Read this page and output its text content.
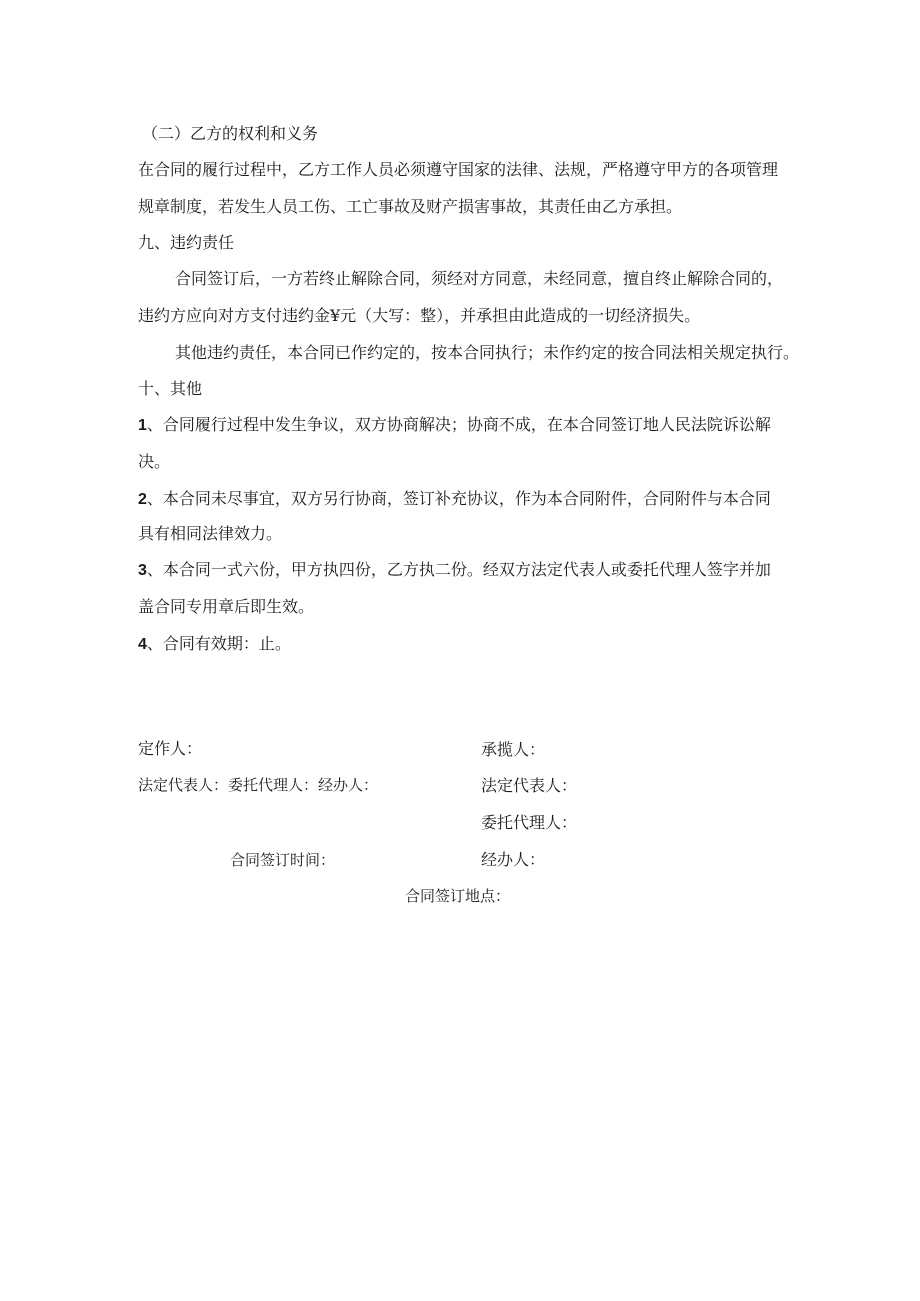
（二）乙方的权利和义务
在合同的履行过程中，乙方工作人员必须遵守国家的法律、法规，严格遵守甲方的各项管理
规章制度，若发生人员工伤、工亡事故及财产损害事故，其责任由乙方承担。
九、违约责任
合同签订后，一方若终止解除合同，须经对方同意，未经同意，擅自终止解除合同的，
违约方应向对方支付违约金¥元（大写：整），并承担由此造成的一切经济损失。
其他违约责任，本合同已作约定的，按本合同执行；未作约定的按合同法相关规定执行。
十、其他
1、合同履行过程中发生争议，双方协商解决；协商不成，在本合同签订地人民法院诉讼解
决。
2、本合同未尽事宜，双方另行协商，签订补充协议，作为本合同附件，合同附件与本合同
具有相同法律效力。
3、本合同一式六份，甲方执四份，乙方执二份。经双方法定代表人或委托代理人签字并加
盖合同专用章后即生效。
4、合同有效期：止。
定作人：
法定代表人：委托代理人：经办人：
合同签订时间：
承揽人：
法定代表人：
委托代理人：
经办人：
合同签订地点：
